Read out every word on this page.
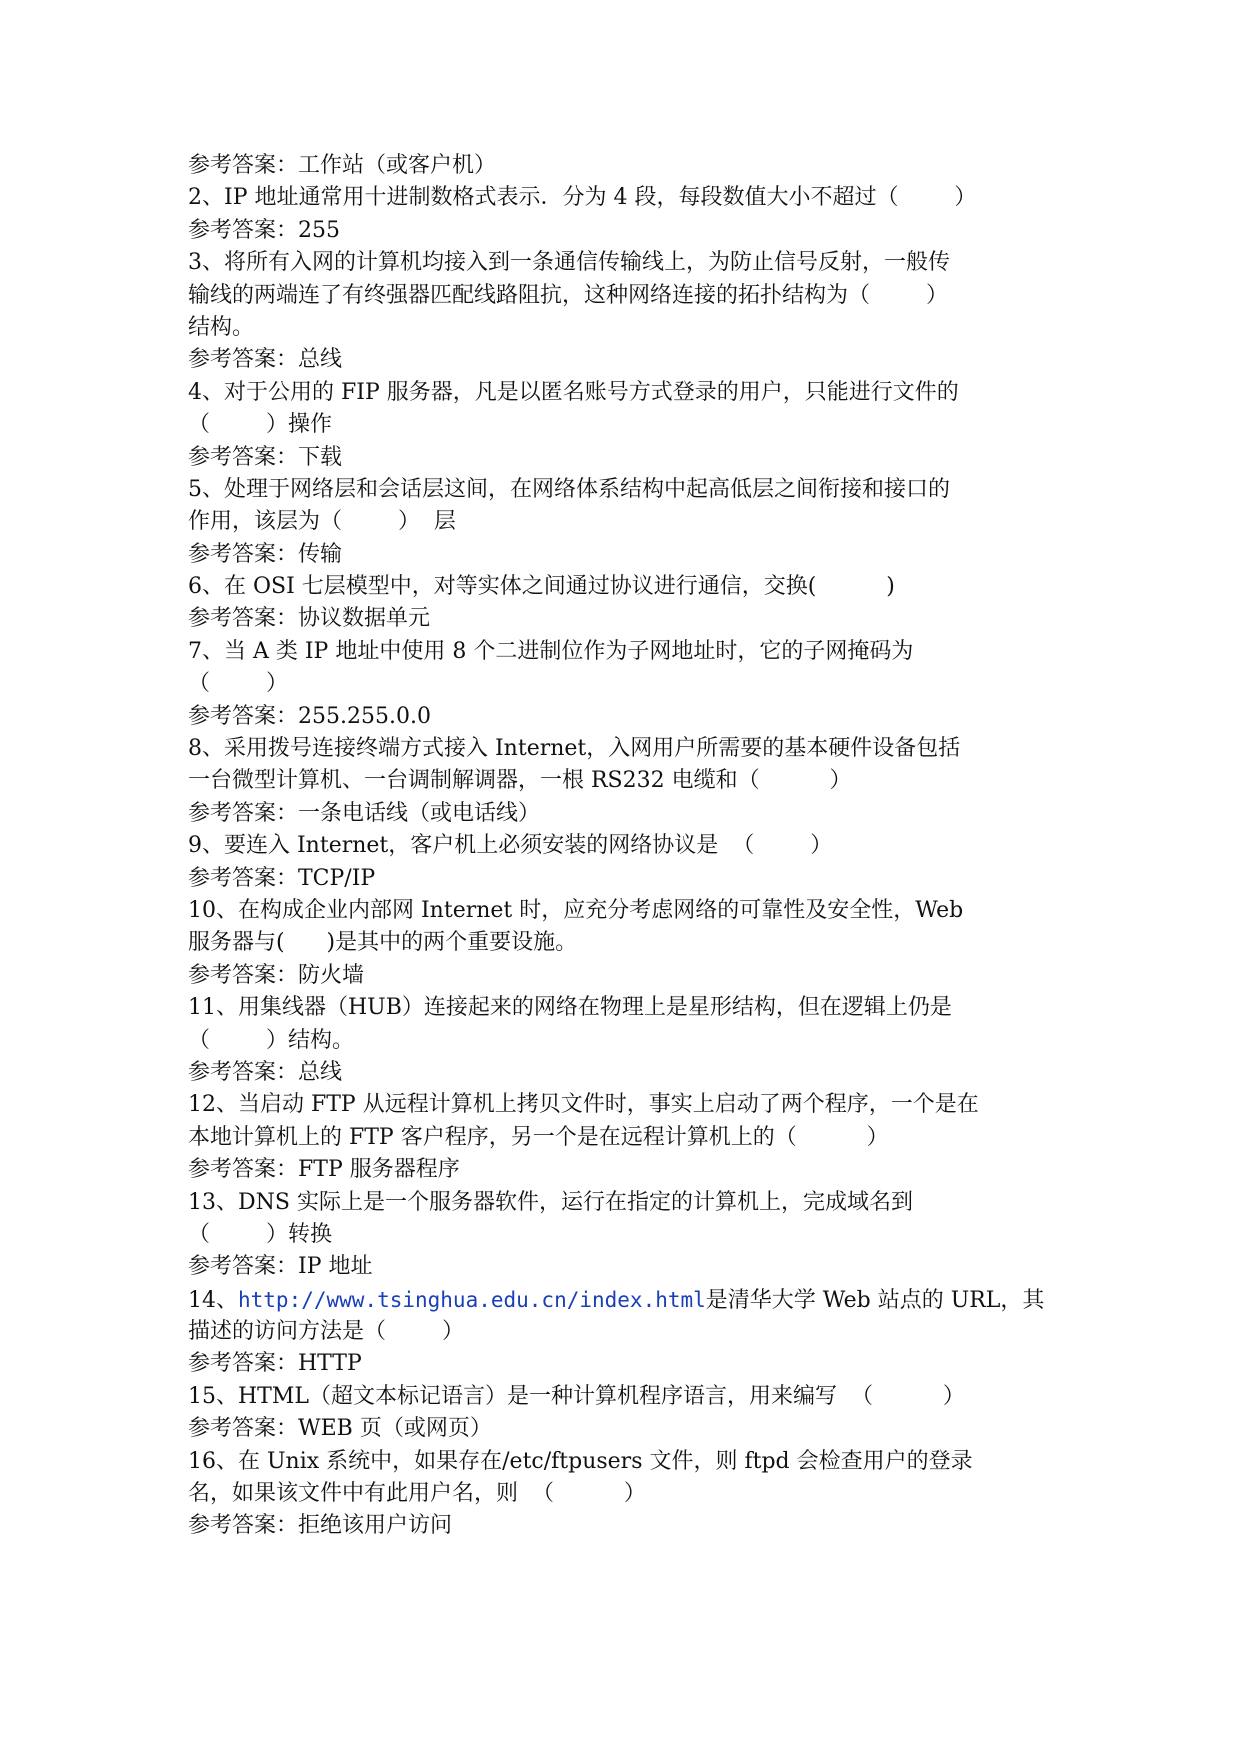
参考答案：工作站（或客户机）
2、IP 地址通常用十进制数格式表示．分为 4 段，每段数值大小不超过（        ）
参考答案：255
3、将所有入网的计算机均接入到一条通信传输线上，为防止信号反射，一般传
输线的两端连了有终强器匹配线路阻抗，这种网络连接的拓扑结构为（        ）
结构。
参考答案：总线
4、对于公用的 FIP 服务器，凡是以匿名账号方式登录的用户，只能进行文件的
（        ）操作
参考答案：下载
5、处理于网络层和会话层这间，在网络体系结构中起高低层之间衔接和接口的
作用，该层为（        ）  层
参考答案：传输
6、在 OSI 七层模型中，对等实体之间通过协议进行通信，交换(          )
参考答案：协议数据单元
7、当 A 类 IP 地址中使用 8 个二进制位作为子网地址时，它的子网掩码为
（        ）
参考答案：255.255.0.0
8、采用拨号连接终端方式接入 Internet，入网用户所需要的基本硬件设备包括
一台微型计算机、一台调制解调器，一根 RS232 电缆和（          ）
参考答案：一条电话线（或电话线）
9、要连入 Internet，客户机上必须安装的网络协议是  （        ）
参考答案：TCP/IP
10、在构成企业内部网 Internet 时，应充分考虑网络的可靠性及安全性，Web
服务器与(      )是其中的两个重要设施。
参考答案：防火墙
11、用集线器（HUB）连接起来的网络在物理上是星形结构，但在逻辑上仍是
（        ）结构。
参考答案：总线
12、当启动 FTP 从远程计算机上拷贝文件时，事实上启动了两个程序，一个是在
本地计算机上的 FTP 客户程序，另一个是在远程计算机上的（          ）
参考答案：FTP 服务器程序
13、DNS 实际上是一个服务器软件，运行在指定的计算机上，完成域名到
（        ）转换
参考答案：IP 地址
14、http://www.tsinghua.edu.cn/index.html是清华大学 Web 站点的 URL，其
描述的访问方法是（        ）
参考答案：HTTP
15、HTML（超文本标记语言）是一种计算机程序语言，用来编写  （          ）
参考答案：WEB 页（或网页）
16、在 Unix 系统中，如果存在/etc/ftpusers 文件，则 ftpd 会检查用户的登录
名，如果该文件中有此用户名，则  （          ）
参考答案：拒绝该用户访问
